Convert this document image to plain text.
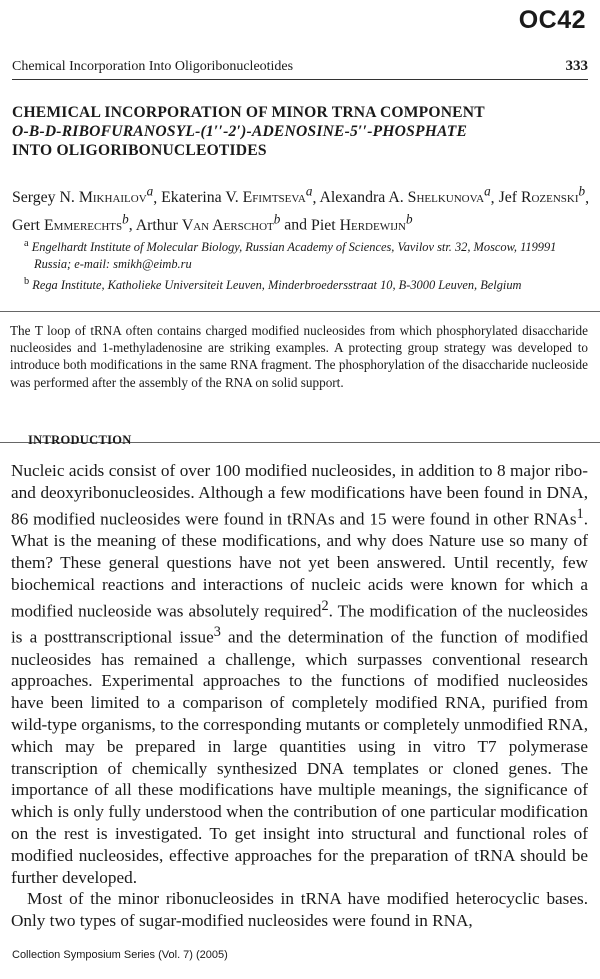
OC42
Chemical Incorporation Into Oligoribonucleotides	333
CHEMICAL INCORPORATION OF MINOR TRNA COMPONENT
O-Β-D-RIBOFURANOSYL-(1′′-2′)-ADENOSINE-5′′-PHOSPHATE
INTO OLIGORIBONUCLEOTIDES
Sergey N. Mikhailov$^a$, Ekaterina V. Efimtseva$^a$, Alexandra A. Shelkunova$^a$, Jef Rozenski$^b$, Gert Emmerechts$^b$, Arthur Van Aerschot$^b$ and Piet Herdewijn$^b$
$^a$ Engelhardt Institute of Molecular Biology, Russian Academy of Sciences, Vavilov str. 32, Moscow, 119991 Russia; e-mail: smikh@eimb.ru
$^b$ Rega Institute, Katholieke Universiteit Leuven, Minderbroedersstraat 10, B-3000 Leuven, Belgium
The T loop of tRNA often contains charged modified nucleosides from which phosphorylated disaccharide nucleosides and 1-methyladenosine are striking examples. A protecting group strategy was developed to introduce both modifications in the same RNA fragment. The phosphorylation of the disaccharide nucleoside was performed after the assembly of the RNA on solid support.
INTRODUCTION

Nucleic acids consist of over 100 modified nucleosides, in addition to 8 major ribo- and deoxyribonucleosides. Although a few modifications have been found in DNA, 86 modified nucleosides were found in tRNAs and 15 were found in other RNAs$^1$. What is the meaning of these modifications, and why does Nature use so many of them? These general questions have not yet been answered. Until recently, few biochemical reactions and interactions of nucleic acids were known for which a modified nucleoside was absolutely required$^2$. The modification of the nucleosides is a posttranscriptional issue$^3$ and the determination of the function of modified nucleosides has remained a challenge, which surpasses conventional research approaches. Experimental approaches to the functions of modified nucleosides have been limited to a comparison of completely modified RNA, purified from wild-type organisms, to the corresponding mutants or completely unmodified RNA, which may be prepared in large quantities using in vitro T7 polymerase transcription of chemically synthesized DNA templates or cloned genes. The importance of all these modifications have multiple meanings, the significance of which is only fully understood when the contribution of one particular modification on the rest is investigated. To get insight into structural and functional roles of modified nucleosides, effective approaches for the preparation of tRNA should be further developed.

Most of the minor ribonucleosides in tRNA have modified heterocyclic bases. Only two types of sugar-modified nucleosides were found in RNA,

Collection Symposium Series (Vol. 7) (2005)
